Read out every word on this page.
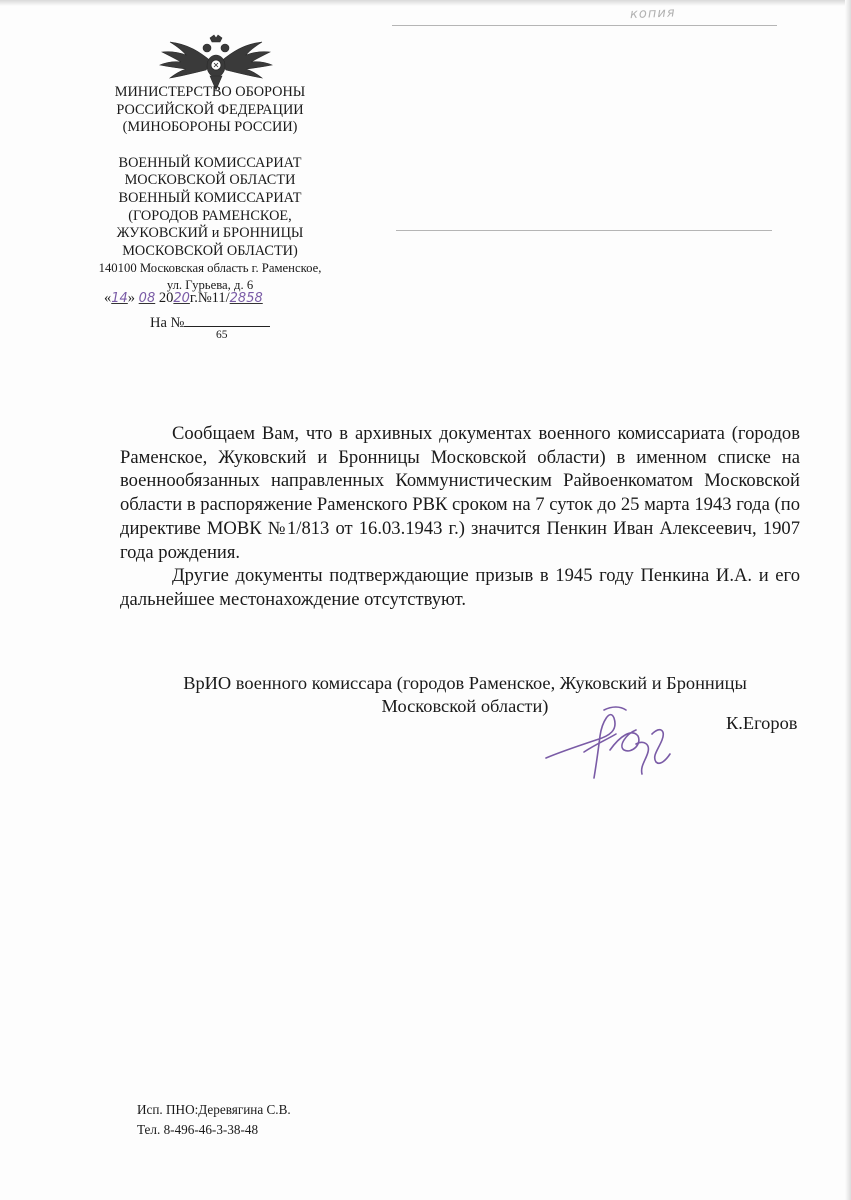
копия
МИНИСТЕРСТВО ОБОРОНЫ
РОССИЙСКОЙ ФЕДЕРАЦИИ
(МИНОБОРОНЫ РОССИИ)
ВОЕННЫЙ КОМИССАРИАТ
МОСКОВСКОЙ ОБЛАСТИ
ВОЕННЫЙ КОМИССАРИАТ
(ГОРОДОВ РАМЕНСКОЕ,
ЖУКОВСКИЙ и БРОННИЦЫ
МОСКОВСКОЙ ОБЛАСТИ)
140100 Московская область г. Раменское,
ул. Гурьева, д. 6
«14» 08 2020г.№11/2858
На №
65

Сообщаем Вам, что в архивных документах военного комиссариата (городов Раменское, Жуковский и Бронницы Московской области) в именном списке на военнообязанных направленных Коммунистическим Райвоенкоматом Московской области в распоряжение Раменского РВК сроком на 7 суток до 25 марта 1943 года (по директиве МОВК №1/813 от 16.03.1943 г.) значится Пенкин Иван Алексеевич, 1907 года рождения.

Другие документы подтверждающие призыв в 1945 году Пенкина И.А. и его дальнейшее местонахождение отсутствуют.

ВрИО военного комиссара (городов Раменское, Жуковский и Бронницы
Московской области)
К.Егоров
Исп. ПНО:Деревягина С.В.
Тел. 8-496-46-3-38-48
